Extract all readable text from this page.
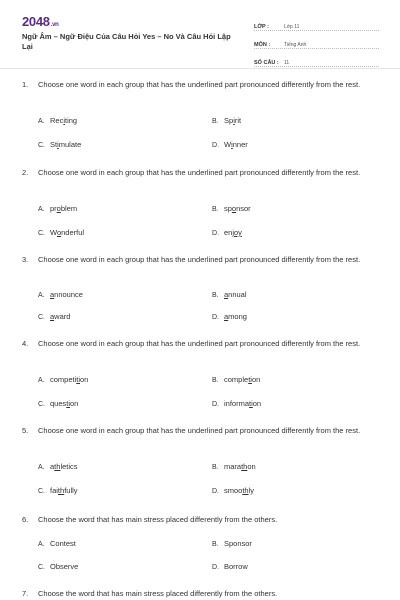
2048.vn
Ngữ Âm – Ngữ Điệu Của Câu Hỏi Yes – No Và Câu Hỏi Lập Lại
LỚP :	Lớp 11
MÔN :	Tiếng Anh
SỐ CÂU :	11
1.	Choose one word in each group that has the underlined part pronounced differently from the rest.
A. Reciting	B. Spirit
C. Stimulate	D. Winner
2.	Choose one word in each group that has the underlined part pronounced differently from the rest.
A. problem	B. sponsor
C. Wonderful	D. enjoy
3.	Choose one word in each group that has the underlined part pronounced differently from the rest.
A. announce	B. annual
C. award	D. among
4.	Choose one word in each group that has the underlined part pronounced differently from the rest.
A. competition	B. completion
C. question	D. information
5.	Choose one word in each group that has the underlined part pronounced differently from the rest.
A. athletics	B. marathon
C. faithfully	D. smoothly
6.	Choose the word that has main stress placed differently from the others.
A. Contest	B. Sponsor
C. Observe	D. Borrow
7.	Choose the word that has main stress placed differently from the others.
